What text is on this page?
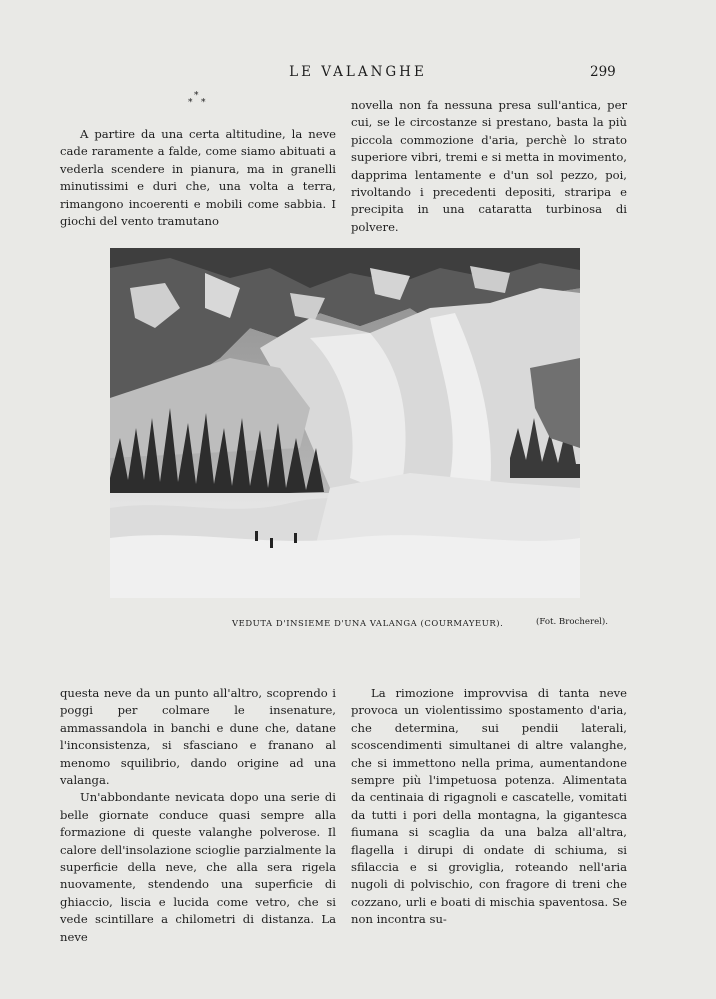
LE VALANGHE	299
*
* *

A partire da una certa altitudine, la neve cade raramente a falde, come siamo abituati a vederla scendere in pianura, ma in granelli minutissimi e duri che, una volta a terra, rimangono incoerenti e mobili come sabbia. I giochi del vento tramutano

novella non fa nessuna presa sull'antica, per cui, se le circostanze si prestano, basta la più piccola commozione d'aria, perchè lo strato superiore vibri, tremi e si metta in movimento, dapprima lentamente e d'un sol pezzo, poi, rivoltando i precedenti depositi, straripa e precipita in una cataratta turbinosa di polvere.

VEDUTA D'INSIEME D'UNA VALANGA (COURMAYEUR).	(Fot. Brocherel).

questa neve da un punto all'altro, scoprendo i poggi per colmare le insenature, ammassandola in banchi e dune che, datane l'inconsistenza, si sfasciano e franano al menomo squilibrio, dando origine ad una valanga.

Un'abbondante nevicata dopo una serie di belle giornate conduce quasi sempre alla formazione di queste valanghe polverose. Il calore dell'insolazione scioglie parzialmente la superficie della neve, che alla sera rigela nuovamente, stendendo una superficie di ghiaccio, liscia e lucida come vetro, che si vede scintillare a chilometri di distanza. La neve

La rimozione improvvisa di tanta neve provoca un violentissimo spostamento d'aria, che determina, sui pendii laterali, scoscendimenti simultanei di altre valanghe, che si immettono nella prima, aumentandone sempre più l'impetuosa potenza. Alimentata da centinaia di rigagnoli e cascatelle, vomitati da tutti i pori della montagna, la gigantesca fiumana si scaglia da una balza all'altra, flagella i dirupi di ondate di schiuma, si sfilaccia e si groviglia, roteando nell'aria nugoli di polvischio, con fragore di treni che cozzano, urli e boati di mischia spaventosa. Se non incontra su-
